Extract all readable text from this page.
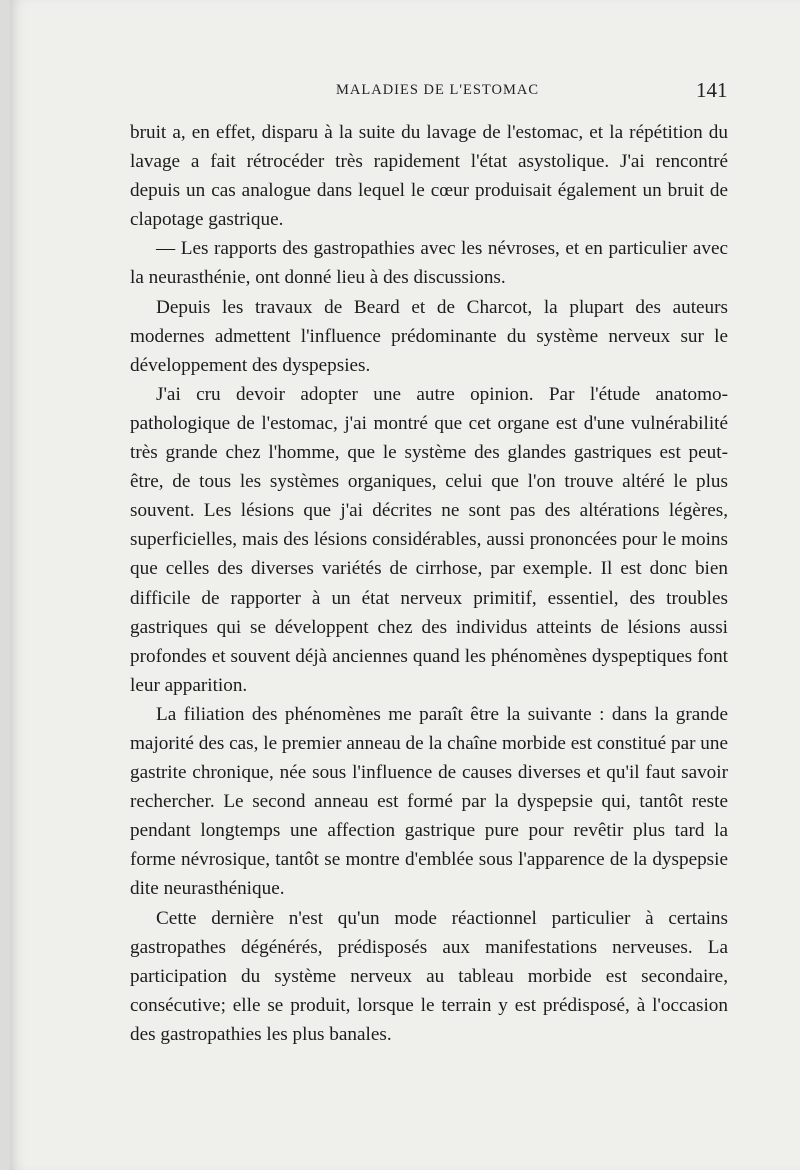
MALADIES DE L'ESTOMAC	141

bruit a, en effet, disparu à la suite du lavage de l'estomac, et la répétition du lavage a fait rétrocéder très rapidement l'état asystolique. J'ai rencontré depuis un cas analogue dans lequel le cœur produisait également un bruit de clapotage gastrique.

— Les rapports des gastropathies avec les névroses, et en particulier avec la neurasthénie, ont donné lieu à des discussions.

Depuis les travaux de Beard et de Charcot, la plupart des auteurs modernes admettent l'influence prédominante du système nerveux sur le développement des dyspepsies.

J'ai cru devoir adopter une autre opinion. Par l'étude anatomo-pathologique de l'estomac, j'ai montré que cet organe est d'une vulnérabilité très grande chez l'homme, que le système des glandes gastriques est peut-être, de tous les systèmes organiques, celui que l'on trouve altéré le plus souvent. Les lésions que j'ai décrites ne sont pas des altérations légères, superficielles, mais des lésions considérables, aussi prononcées pour le moins que celles des diverses variétés de cirrhose, par exemple. Il est donc bien difficile de rapporter à un état nerveux primitif, essentiel, des troubles gastriques qui se développent chez des individus atteints de lésions aussi profondes et souvent déjà anciennes quand les phénomènes dyspeptiques font leur apparition.

La filiation des phénomènes me paraît être la suivante : dans la grande majorité des cas, le premier anneau de la chaîne morbide est constitué par une gastrite chronique, née sous l'influence de causes diverses et qu'il faut savoir rechercher. Le second anneau est formé par la dyspepsie qui, tantôt reste pendant longtemps une affection gastrique pure pour revêtir plus tard la forme névrosique, tantôt se montre d'emblée sous l'apparence de la dyspepsie dite neurasthénique.

Cette dernière n'est qu'un mode réactionnel particulier à certains gastropathes dégénérés, prédisposés aux manifestations nerveuses. La participation du système nerveux au tableau morbide est secondaire, consécutive; elle se produit, lorsque le terrain y est prédisposé, à l'occasion des gastropathies les plus banales.
